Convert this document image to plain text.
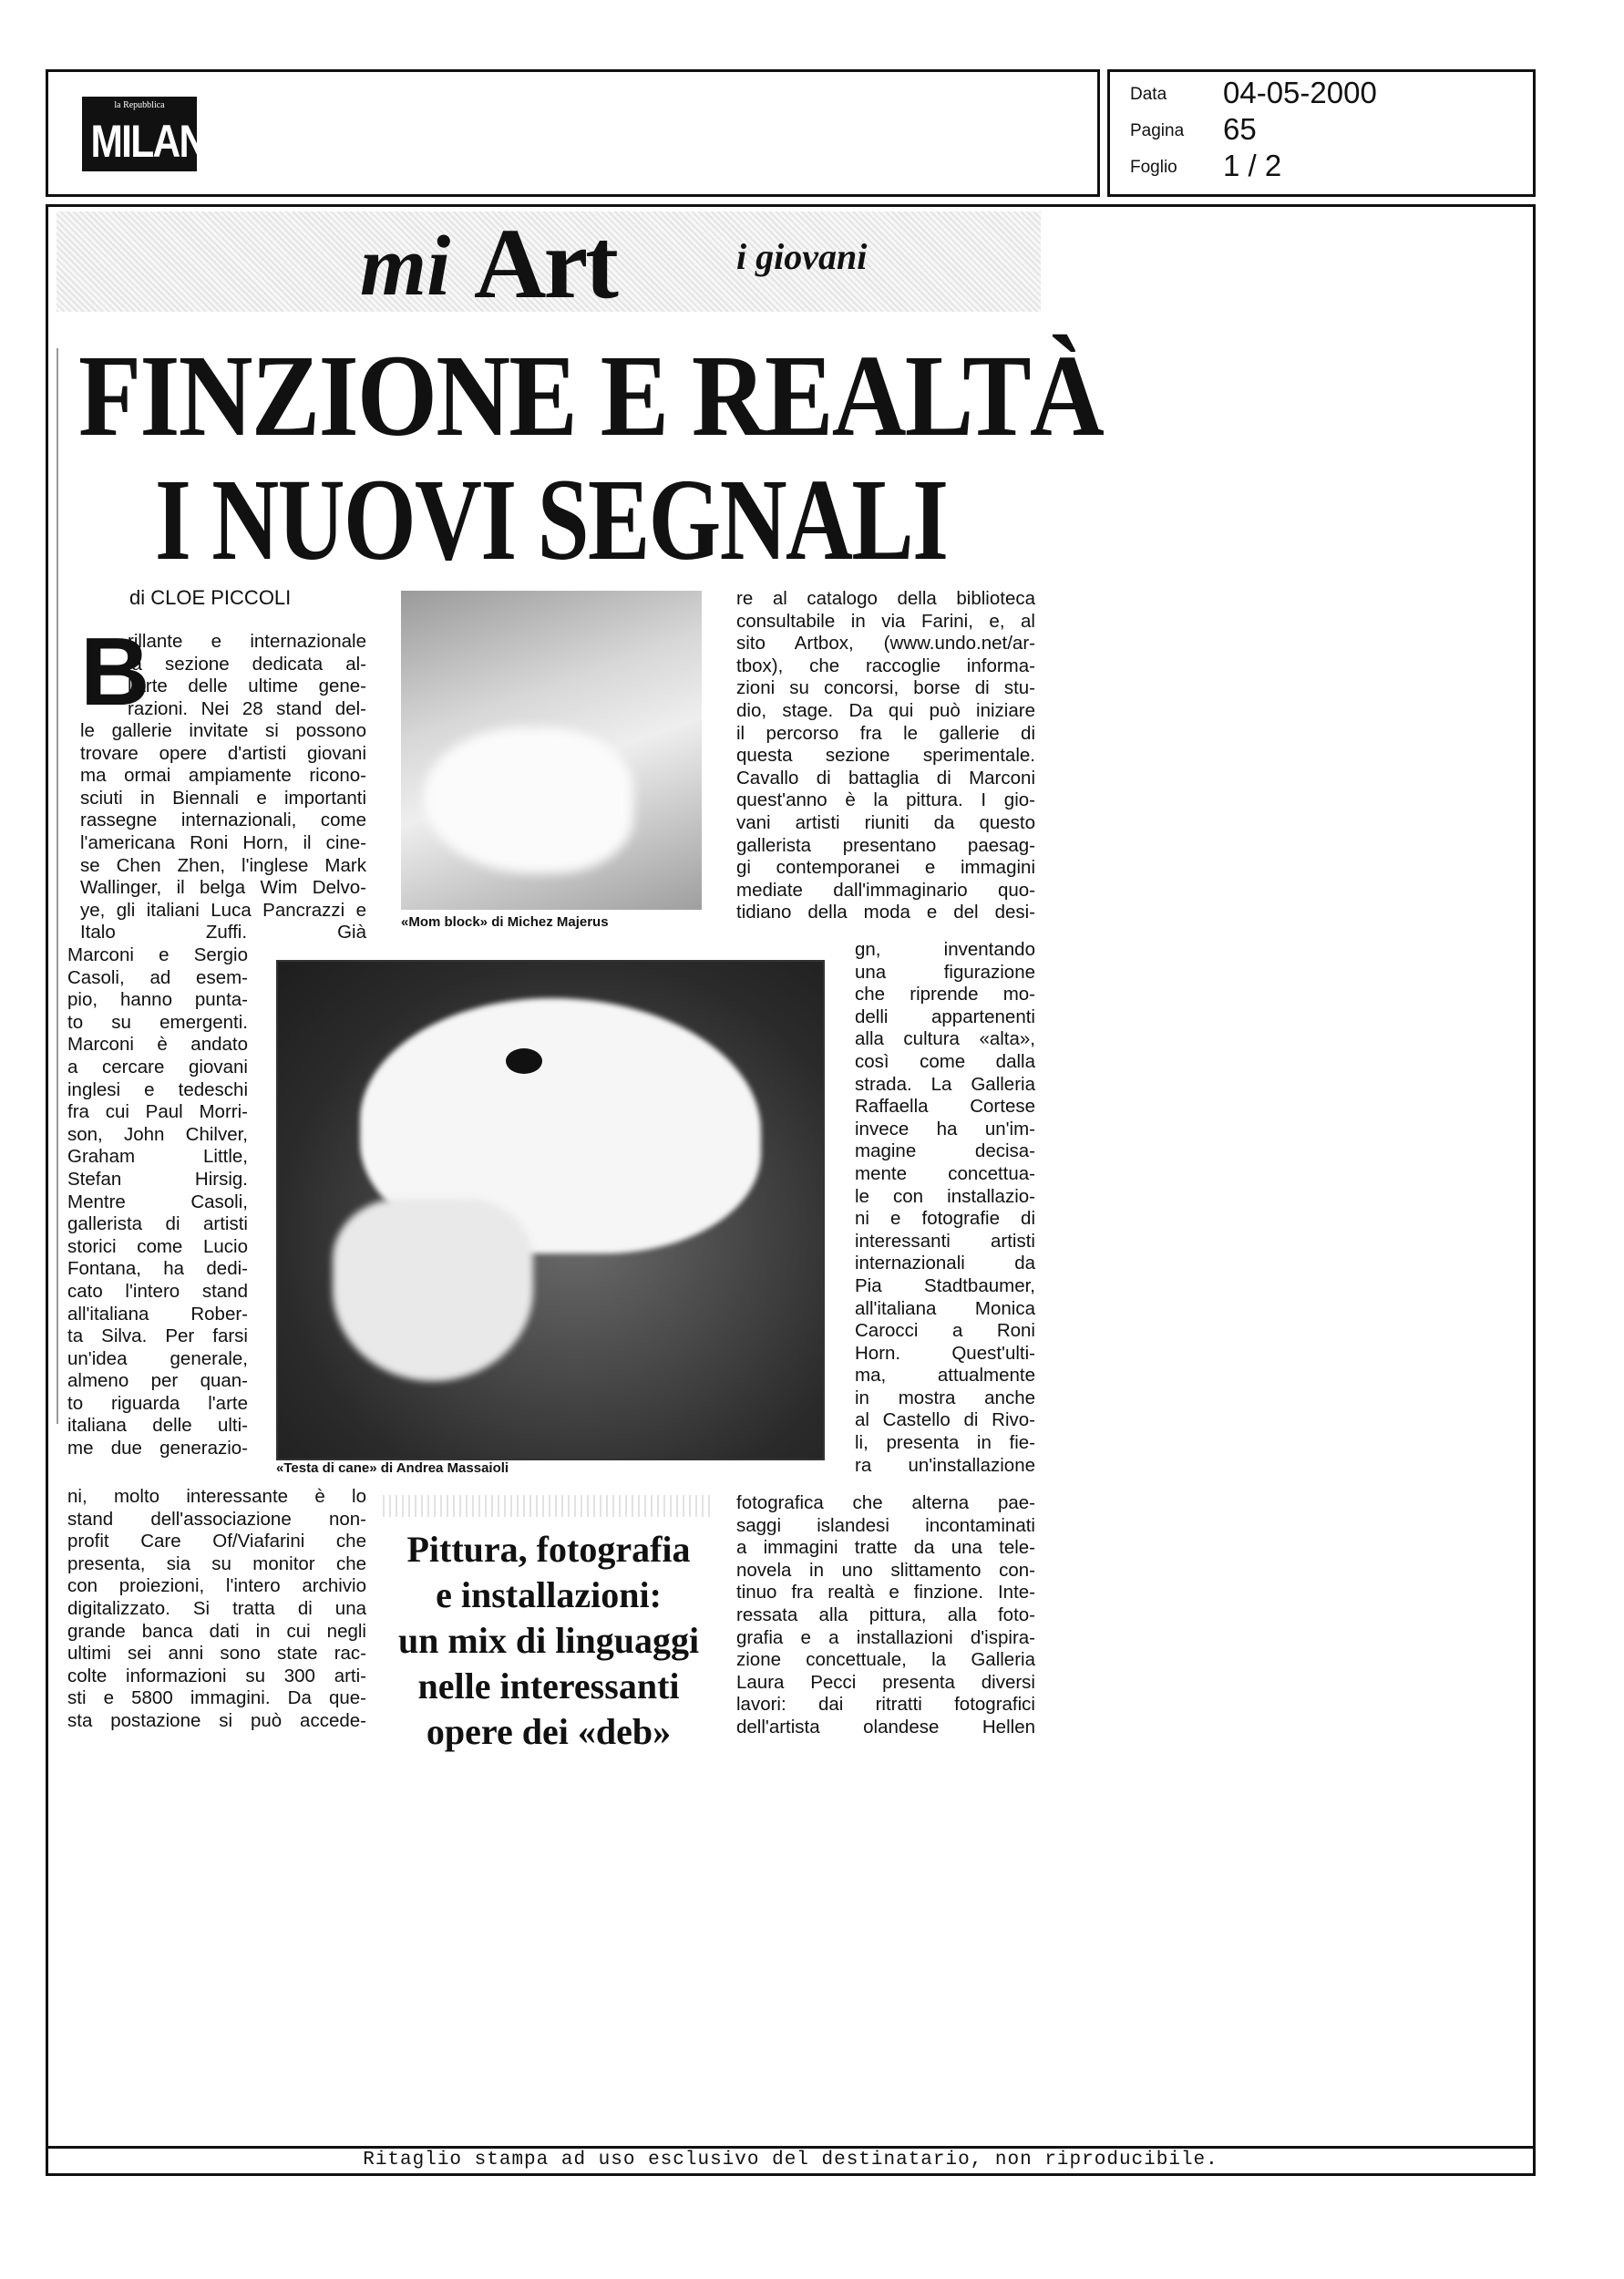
la Repubblica
MILANO
Data 04-05-2000
Pagina 65
Foglio 1 / 2
mi Art	i giovani
FINZIONE E REALTÀ
I NUOVI SEGNALI
di CLOE PICCOLI
B

rillante e internazionale

la sezione dedicata al-

l'arte delle ultime gene-

razioni. Nei 28 stand del-

le gallerie invitate si possono

trovare opere d'artisti giovani

ma ormai ampiamente ricono-

sciuti in Biennali e importanti

rassegne internazionali, come

l'americana Roni Horn, il cine-

se Chen Zhen, l'inglese Mark

Wallinger, il belga Wim Delvo-

ye, gli italiani Luca Pancrazzi e

Italo Zuffi. Già

Marconi e Sergio

Casoli, ad esem-

pio, hanno punta-

to su emergenti.

Marconi è andato

a cercare giovani

inglesi e tedeschi

fra cui Paul Morri-

son, John Chilver,

Graham Little,

Stefan Hirsig.

Mentre Casoli,

gallerista di artisti

storici come Lucio

Fontana, ha dedi-

cato l'intero stand

all'italiana Rober-

ta Silva. Per farsi

un'idea generale,

almeno per quan-

to riguarda l'arte

italiana delle ulti-

me due generazio-

ni, molto interessante è lo

stand dell'associazione non-

profit Care Of/Viafarini che

presenta, sia su monitor che

con proiezioni, l'intero archivio

digitalizzato. Si tratta di una

grande banca dati in cui negli

ultimi sei anni sono state rac-

colte informazioni su 300 arti-

sti e 5800 immagini. Da que-

sta postazione si può accede-

«Mom block» di Michez Majerus
«Testa di cane» di Andrea Massaioli
Pittura, fotografia
e installazioni:
un mix di linguaggi
nelle interessanti
opere dei «deb»

re al catalogo della biblioteca

consultabile in via Farini, e, al

sito Artbox, (www.undo.net/ar-

tbox), che raccoglie informa-

zioni su concorsi, borse di stu-

dio, stage. Da qui può iniziare

il percorso fra le gallerie di

questa sezione sperimentale.

Cavallo di battaglia di Marconi

quest'anno è la pittura. I gio-

vani artisti riuniti da questo

gallerista presentano paesag-

gi contemporanei e immagini

mediate dall'immaginario quo-

tidiano della moda e del desi-

gn, inventando

una figurazione

che riprende mo-

delli appartenenti

alla cultura «alta»,

così come dalla

strada. La Galleria

Raffaella Cortese

invece ha un'im-

magine decisa-

mente concettua-

le con installazio-

ni e fotografie di

interessanti artisti

internazionali da

Pia Stadtbaumer,

all'italiana Monica

Carocci a Roni

Horn. Quest'ulti-

ma, attualmente

in mostra anche

al Castello di Rivo-

li, presenta in fie-

ra un'installazione

fotografica che alterna pae-

saggi islandesi incontaminati

a immagini tratte da una tele-

novela in uno slittamento con-

tinuo fra realtà e finzione. Inte-

ressata alla pittura, alla foto-

grafia e a installazioni d'ispira-

zione concettuale, la Galleria

Laura Pecci presenta diversi

lavori: dai ritratti fotografici

dell'artista olandese Hellen

Ritaglio stampa ad uso esclusivo del destinatario, non riproducibile.
